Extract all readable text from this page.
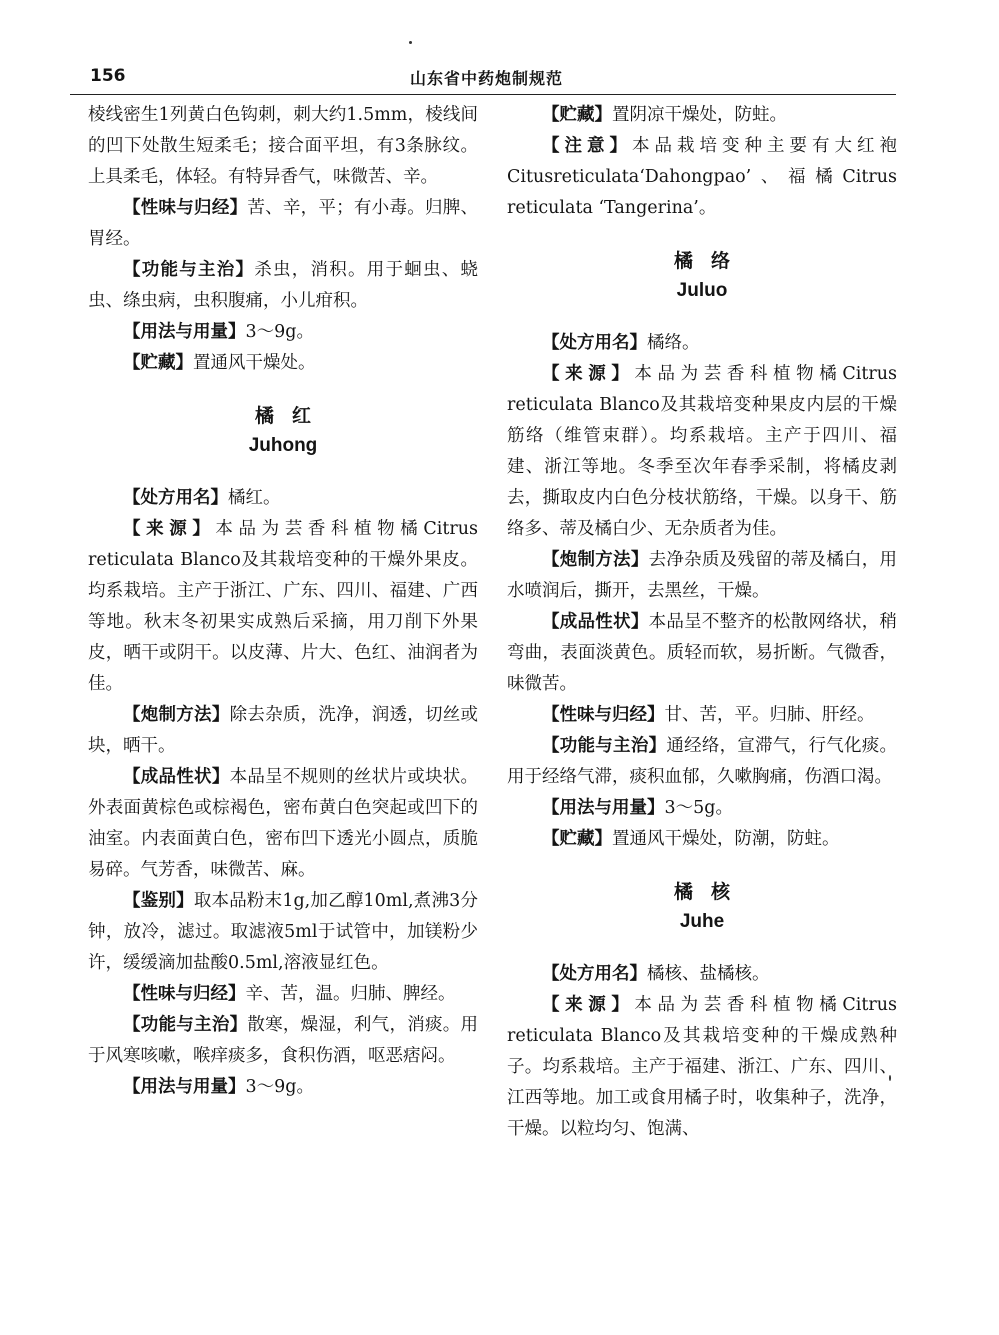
156	山东省中药炮制规范

棱线密生1列黄白色钩刺，刺大约1.5mm，棱线间的凹下处散生短柔毛；接合面平坦，有3条脉纹。上具柔毛，体轻。有特异香气，味微苦、辛。

【性味与归经】苦、辛，平；有小毒。归脾、胃经。

【功能与主治】杀虫，消积。用于蛔虫、蛲虫、绦虫病，虫积腹痛，小儿疳积。

【用法与用量】3～9g。

【贮藏】置通风干燥处。

橘红
Juhong

【处方用名】橘红。

【来源】本品为芸香科植物橘Citrus reticulata Blanco及其栽培变种的干燥外果皮。均系栽培。主产于浙江、广东、四川、福建、广西等地。秋末冬初果实成熟后采摘，用刀削下外果皮，晒干或阴干。以皮薄、片大、色红、油润者为佳。

【炮制方法】除去杂质，洗净，润透，切丝或块，晒干。

【成品性状】本品呈不规则的丝状片或块状。外表面黄棕色或棕褐色，密布黄白色突起或凹下的油室。内表面黄白色，密布凹下透光小圆点，质脆易碎。气芳香，味微苦、麻。

【鉴别】取本品粉末1g,加乙醇10ml,煮沸3分钟，放冷，滤过。取滤液5ml于试管中，加镁粉少许，缓缓滴加盐酸0.5ml,溶液显红色。

【性味与归经】辛、苦，温。归肺、脾经。

【功能与主治】散寒，燥湿，利气，消痰。用于风寒咳嗽，喉痒痰多，食积伤酒，呕恶痞闷。

【用法与用量】3～9g。

【贮藏】置阴凉干燥处，防蛀。

【注意】本品栽培变种主要有大红袍Citusreticulata‘Dahongpao’、福橘Citrus reticulata ‘Tangerina’。

橘络
Juluo

【处方用名】橘络。

【来源】本品为芸香科植物橘Citrus reticulata Blanco及其栽培变种果皮内层的干燥筋络（维管束群）。均系栽培。主产于四川、福建、浙江等地。冬季至次年春季采制，将橘皮剥去，撕取皮内白色分枝状筋络，干燥。以身干、筋络多、蒂及橘白少、无杂质者为佳。

【炮制方法】去净杂质及残留的蒂及橘白，用水喷润后，撕开，去黑丝，干燥。

【成品性状】本品呈不整齐的松散网络状，稍弯曲，表面淡黄色。质轻而软，易折断。气微香，味微苦。

【性味与归经】甘、苦，平。归肺、肝经。

【功能与主治】通经络，宣滞气，行气化痰。用于经络气滞，痰积血郁，久嗽胸痛，伤酒口渴。

【用法与用量】3～5g。

【贮藏】置通风干燥处，防潮，防蛀。

橘核
Juhe

【处方用名】橘核、盐橘核。

【来源】本品为芸香科植物橘Citrus reticulata Blanco及其栽培变种的干燥成熟种子。均系栽培。主产于福建、浙江、广东、四川、江西等地。加工或食用橘子时，收集种子，洗净，干燥。以粒均匀、饱满、
